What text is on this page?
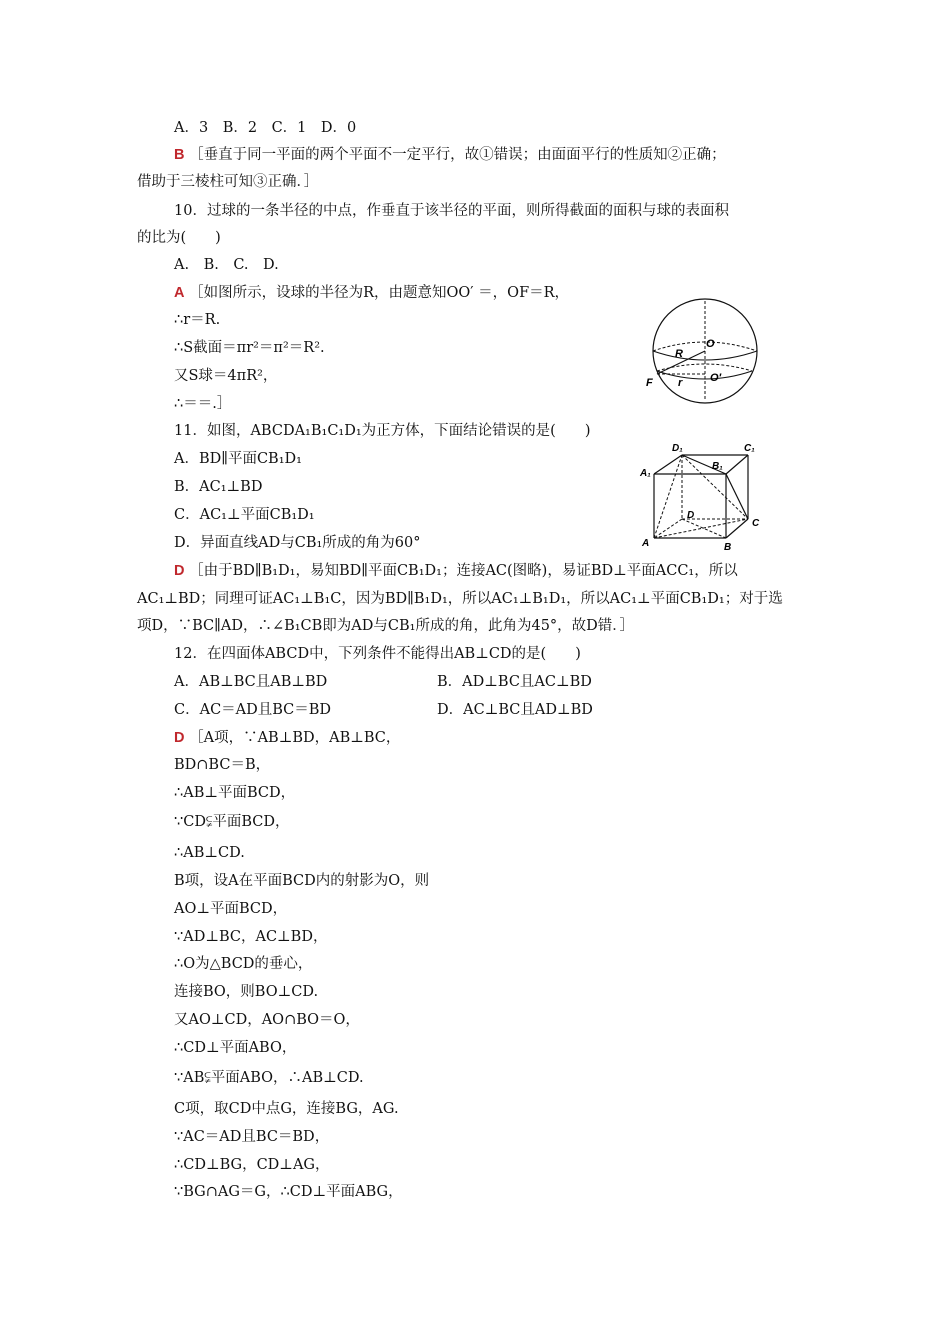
A．3　B．2　C．1　D．0
B ［垂直于同一平面的两个平面不一定平行，故①错误；由面面平行的性质知②正确；
借助于三棱柱可知③正确．］
10．过球的一条半径的中点，作垂直于该半径的平面，则所得截面的面积与球的表面积
的比为(　　)
A.　B.　C.　D.
A ［如图所示，设球的半径为R，由题意知OO′ ＝，OF＝R，
∴r＝R.
∴S截面＝πr²＝π²＝R².
又S球＝4πR²，
∴＝＝.］
11．如图，ABCDA₁B₁C₁D₁为正方体，下面结论错误的是(　　)
A．BD∥平面CB₁D₁
B．AC₁⊥BD
C．AC₁⊥平面CB₁D₁
D．异面直线AD与CB₁所成的角为60°
D ［由于BD∥B₁D₁，易知BD∥平面CB₁D₁；连接AC(图略)，易证BD⊥平面ACC₁，所以
AC₁⊥BD；同理可证AC₁⊥B₁C，因为BD∥B₁D₁，所以AC₁⊥B₁D₁，所以AC₁⊥平面CB₁D₁；对于选
项D，∵BC∥AD，∴∠B₁CB即为AD与CB₁所成的角，此角为45°，故D错．］
12．在四面体ABCD中，下列条件不能得出AB⊥CD的是(　　)
D ［A项，∵AB⊥BD，AB⊥BC，
BD∩BC＝B，
∴AB⊥平面BCD，
∵CD⫋平面BCD，
∴AB⊥CD.
B项，设A在平面BCD内的射影为O，则
AO⊥平面BCD，
∵AD⊥BC，AC⊥BD，
∴O为△BCD的垂心，
连接BO，则BO⊥CD.
又AO⊥CD，AO∩BO＝O，
∴CD⊥平面ABO，
∵AB⫋平面ABO，∴AB⊥CD.
C项，取CD中点G，连接BG，AG.
∵AC＝AD且BC＝BD，
∴CD⊥BG，CD⊥AG，
∵BG∩AG＝G，∴CD⊥平面ABG，
A．AB⊥BC且AB⊥BD	B．AD⊥BC且AC⊥BD
C．AC＝AD且BC＝BD	D．AC⊥BC且AD⊥BD
O
R
F r	O′
D₁	C₁
A₁
B₁
D
C
A	B
